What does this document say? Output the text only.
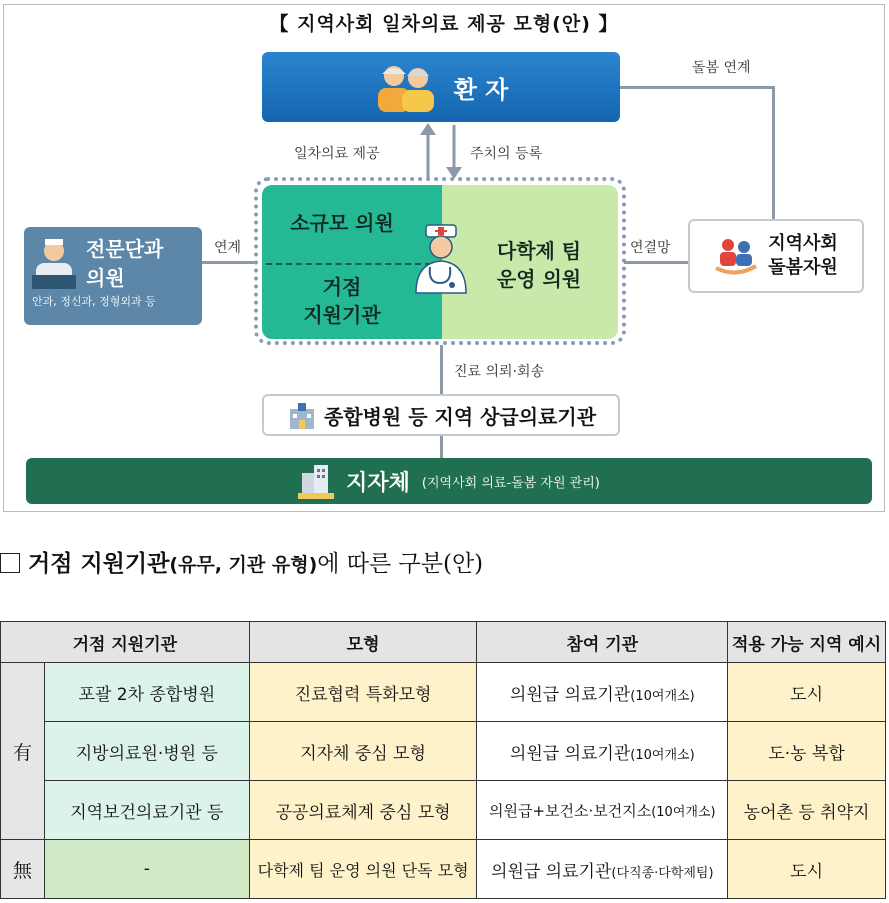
【 지역사회 일차의료 제공 모형(안) 】
환 자
돌봄 연계
일차의료 제공	주치의 등록
소규모 의원
거점
지원기관
다학제 팀
운영 의원
전문단과
의원
안과, 정신과, 정형외과 등
연계	연결망	지역사회
돌봄자원
진료 의뢰·회송
종합병원 등 지역 상급의료기관
지자체 (지역사회 의료-돌봄 자원 관리)
거점 지원기관(유무, 기관 유형)에 따른 구분(안)
거점 지원기관		모형	참여 기관	적용 가능 지역 예시
有	포괄 2차 종합병원	진료협력 특화모형	의원급 의료기관(10여개소)	도시
	지방의료원·병원 등	지자체 중심 모형	의원급 의료기관(10여개소)	도·농 복합
	지역보건의료기관 등	공공의료체계 중심 모형	의원급+보건소·보건지소(10여개소)	농어촌 등 취약지
無	-	다학제 팀 운영 의원 단독 모형	의원급 의료기관(다직종·다학제팀)	도시
